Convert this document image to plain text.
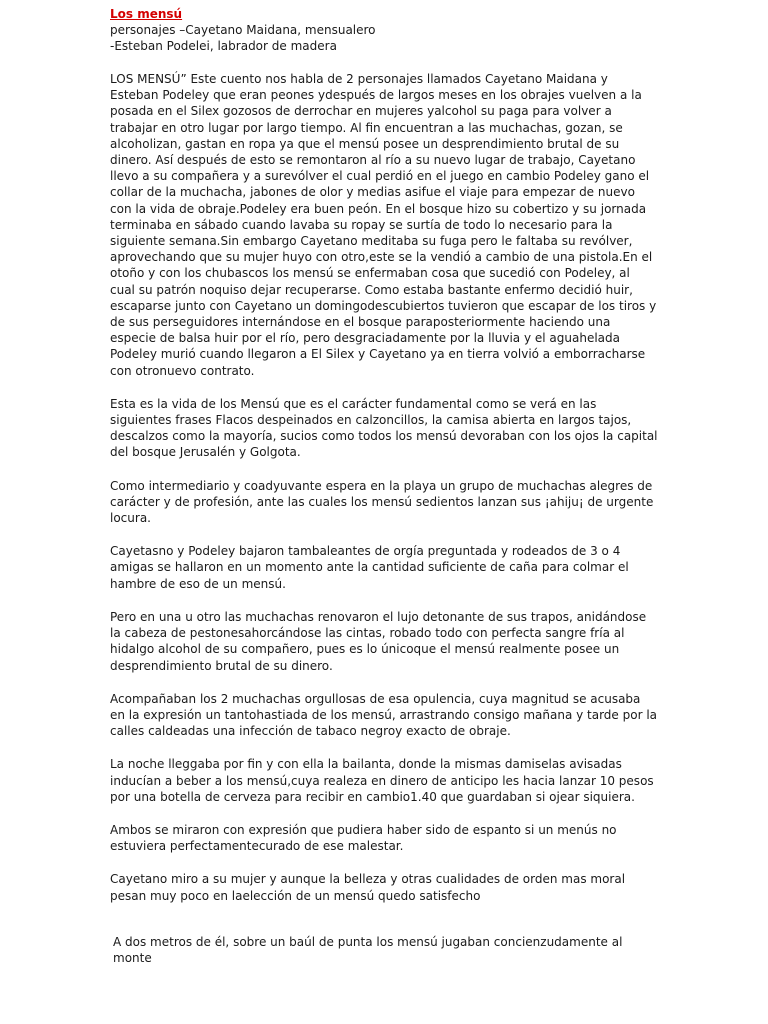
Los mensú
personajes –Cayetano Maidana, mensualero
-Esteban Podelei, labrador de madera

LOS MENSÚ” Este cuento nos habla de 2 personajes llamados Cayetano Maidana y Esteban Podeley que eran peones ydespués de largos meses en los obrajes vuelven a la posada en el Silex gozosos de derrochar en mujeres yalcohol su paga para volver a trabajar en otro lugar por largo tiempo. Al fin encuentran a las muchachas, gozan, se alcoholizan, gastan en ropa ya que el mensú posee un desprendimiento brutal de su dinero. Así después de esto se remontaron al río a su nuevo lugar de trabajo, Cayetano llevo a su compañera y a surevólver el cual perdió en el juego en cambio Podeley gano el collar de la muchacha, jabones de olor y medias asifue el viaje para empezar de nuevo con la vida de obraje.Podeley era buen peón. En el bosque hizo su cobertizo y su jornada terminaba en sábado cuando lavaba su ropay se surtía de todo lo necesario para la siguiente semana.Sin embargo Cayetano meditaba su fuga pero le faltaba su revólver, aprovechando que su mujer huyo con otro,este se la vendió a cambio de una pistola.En el otoño y con los chubascos los mensú se enfermaban cosa que sucedió con Podeley, al cual su patrón noquiso dejar recuperarse. Como estaba bastante enfermo decidió huir, escaparse junto con Cayetano un domingodescubiertos tuvieron que escapar de los tiros y de sus perseguidores internándose en el bosque paraposteriormente haciendo una especie de balsa huir por el río, pero desgraciadamente por la lluvia y el aguahelada Podeley murió cuando llegaron a El Silex y Cayetano ya en tierra volvió a emborracharse con otronuevo contrato.

Esta es la vida de los Mensú que es el carácter fundamental como se verá en las siguientes frases Flacos despeinados en calzoncillos, la camisa abierta en largos tajos, descalzos como la mayoría, sucios como todos los mensú devoraban con los ojos la capital del bosque Jerusalén y Golgota.

Como intermediario y coadyuvante espera en la playa un grupo de muchachas alegres de carácter y de profesión, ante las cuales los mensú sedientos lanzan sus ¡ahiju¡ de urgente locura.

Cayetasno y Podeley bajaron tambaleantes de orgía preguntada y rodeados de 3 o 4 amigas se hallaron en un momento ante la cantidad suficiente de caña para colmar el hambre de eso de un mensú.

Pero en una u otro las muchachas renovaron el lujo detonante de sus trapos, anidándose la cabeza de pestonesahorcándose las cintas, robado todo con perfecta sangre fría al hidalgo alcohol de su compañero, pues es lo únicoque el mensú realmente posee un desprendimiento brutal de su dinero.

Acompañaban los 2 muchachas orgullosas de esa opulencia, cuya magnitud se acusaba en la expresión un tantohastiada de los mensú, arrastrando consigo mañana y tarde por la calles caldeadas una infección de tabaco negroy exacto de obraje.

La noche lleggaba por fin y con ella la bailanta, donde la mismas damiselas avisadas inducían a beber a los mensú,cuya realeza en dinero de anticipo les hacia lanzar 10 pesos por una botella de cerveza para recibir en cambio1.40 que guardaban si ojear siquiera.

Ambos se miraron con expresión que pudiera haber sido de espanto si un menús no estuviera perfectamentecurado de ese malestar.

Cayetano miro a su mujer y aunque la belleza y otras cualidades de orden mas moral pesan muy poco en laelección de un mensú quedo satisfecho

A dos metros de él, sobre un baúl de punta los mensú jugaban concienzudamente al monte
